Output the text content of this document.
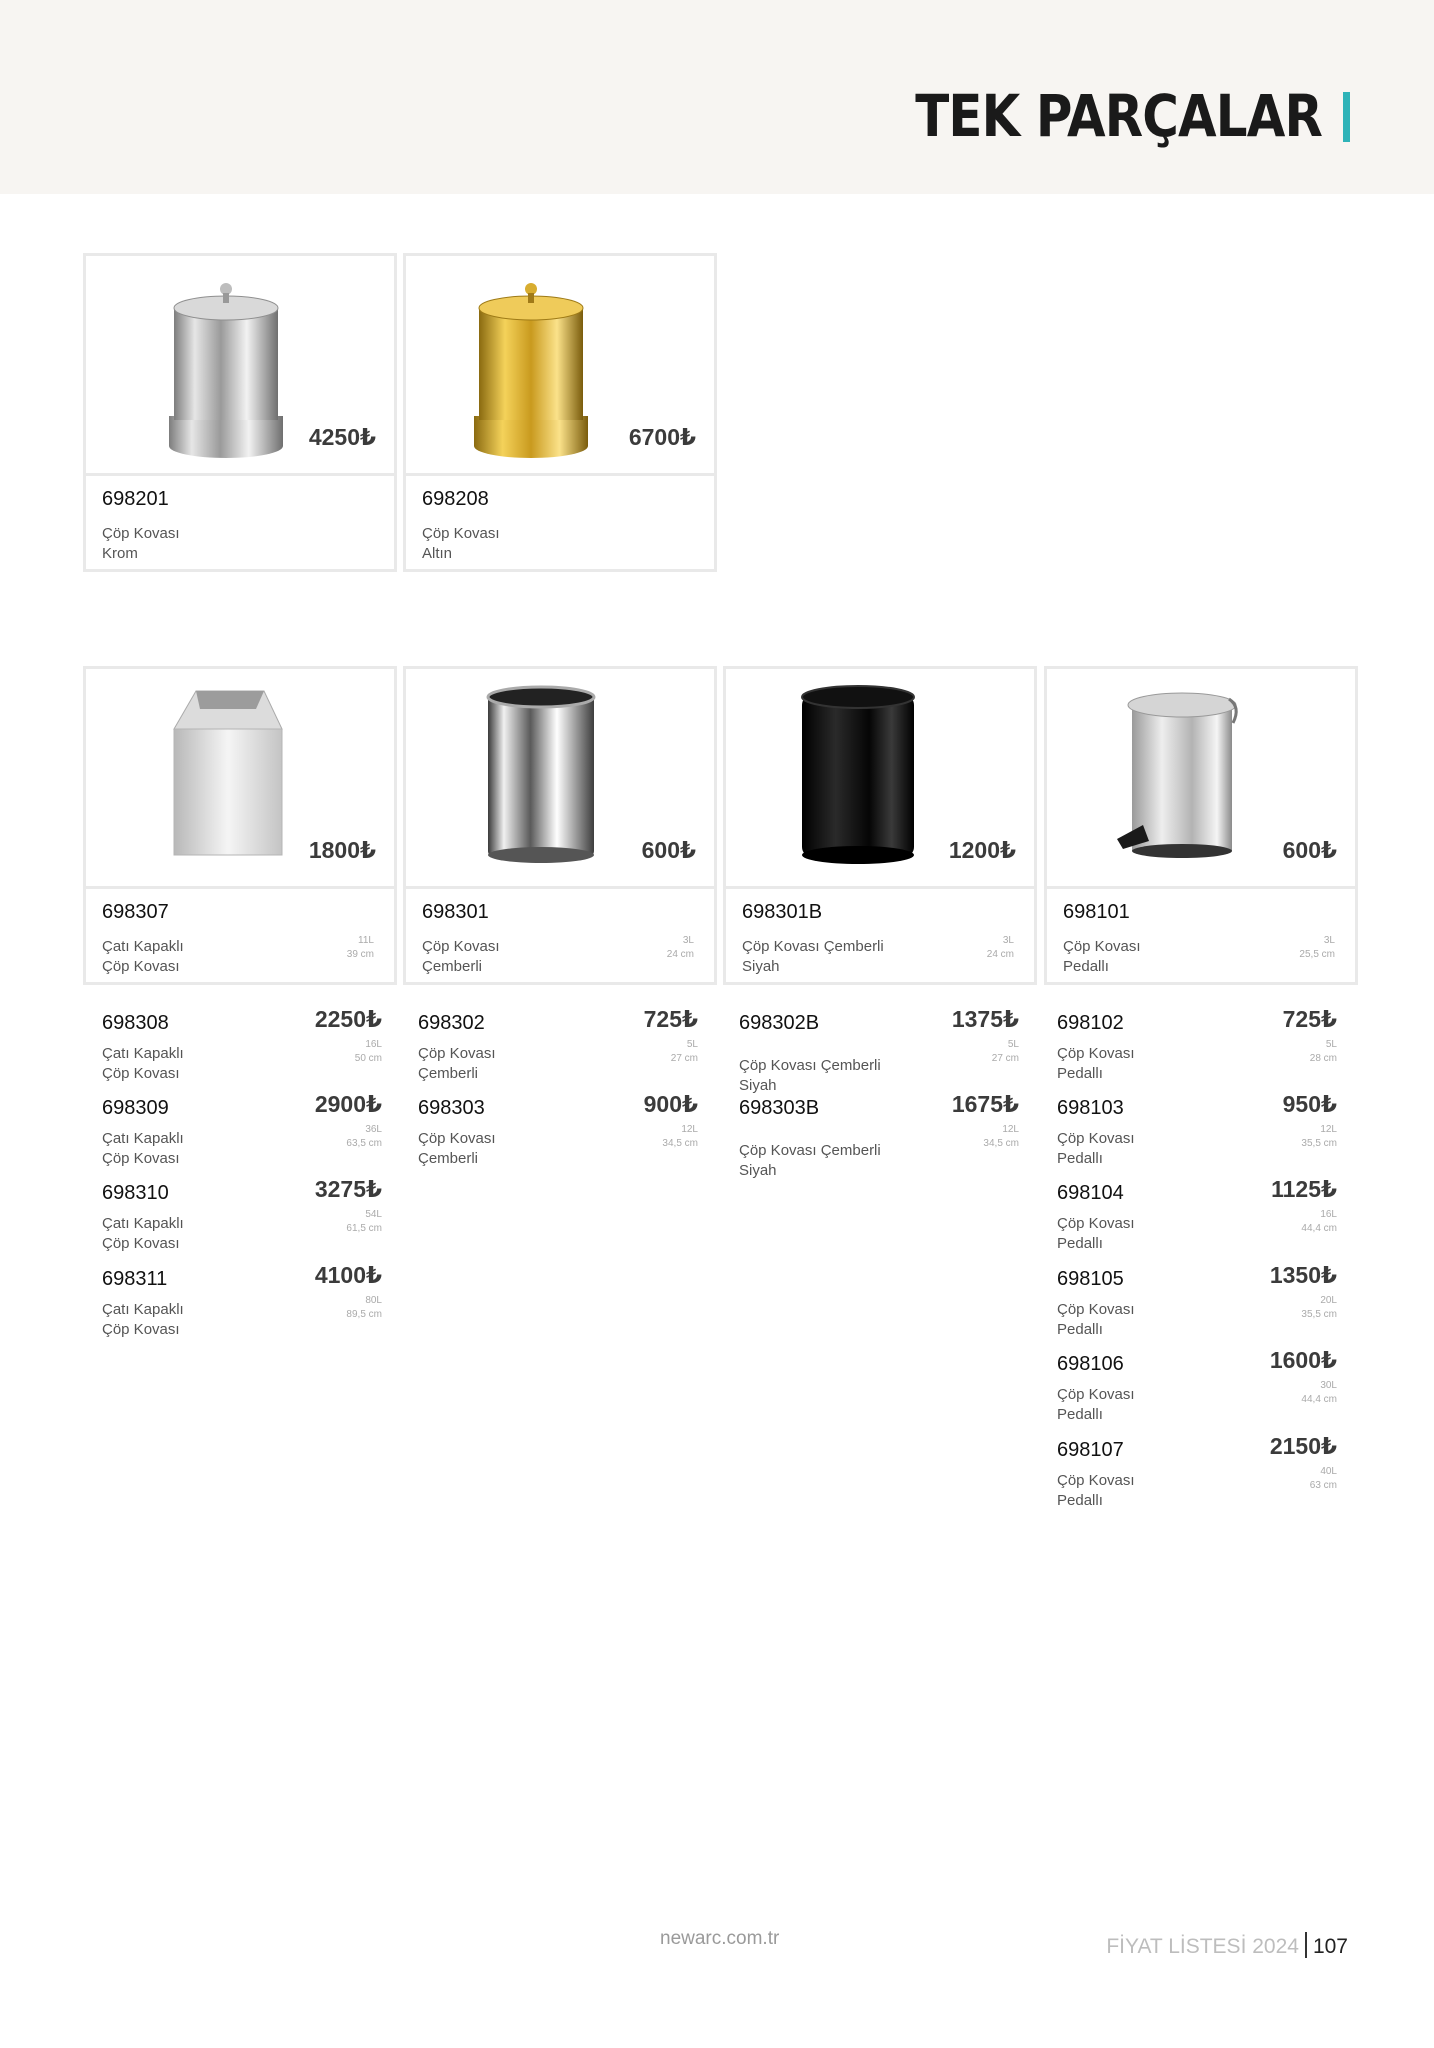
TEK PARÇALAR
4250₺
698201
Çöp Kovası
Krom
6700₺
698208
Çöp Kovası
Altın
1800₺
698307
Çatı Kapaklı
Çöp Kovası
11L
39 cm
600₺
698301
Çöp Kovası
Çemberli
3L
24 cm
1200₺
698301B
Çöp Kovası Çemberli
Siyah
3L
24 cm
600₺
698101
Çöp Kovası
Pedallı
3L
25,5 cm
698308	2250₺
Çatı Kapaklı
Çöp Kovası
16L
50 cm
698309	2900₺
Çatı Kapaklı
Çöp Kovası
36L
63,5 cm
698310	3275₺
Çatı Kapaklı
Çöp Kovası
54L
61,5 cm
698311	4100₺
Çatı Kapaklı
Çöp Kovası
80L
89,5 cm
698302	725₺
Çöp Kovası
Çemberli
5L
27 cm
698303	900₺
Çöp Kovası
Çemberli
12L
34,5 cm
698302B	1375₺
Çöp Kovası Çemberli
Siyah
5L
27 cm
698303B	1675₺
Çöp Kovası Çemberli
Siyah
12L
34,5 cm
698102	725₺
Çöp Kovası
Pedallı
5L
28 cm
698103	950₺
Çöp Kovası
Pedallı
12L
35,5 cm
698104	1125₺
Çöp Kovası
Pedallı
16L
44,4 cm
698105	1350₺
Çöp Kovası
Pedallı
20L
35,5 cm
698106	1600₺
Çöp Kovası
Pedallı
30L
44,4 cm
698107	2150₺
Çöp Kovası
Pedallı
40L
63 cm
newarc.com.tr	FİYAT LİSTESİ 2024 107
